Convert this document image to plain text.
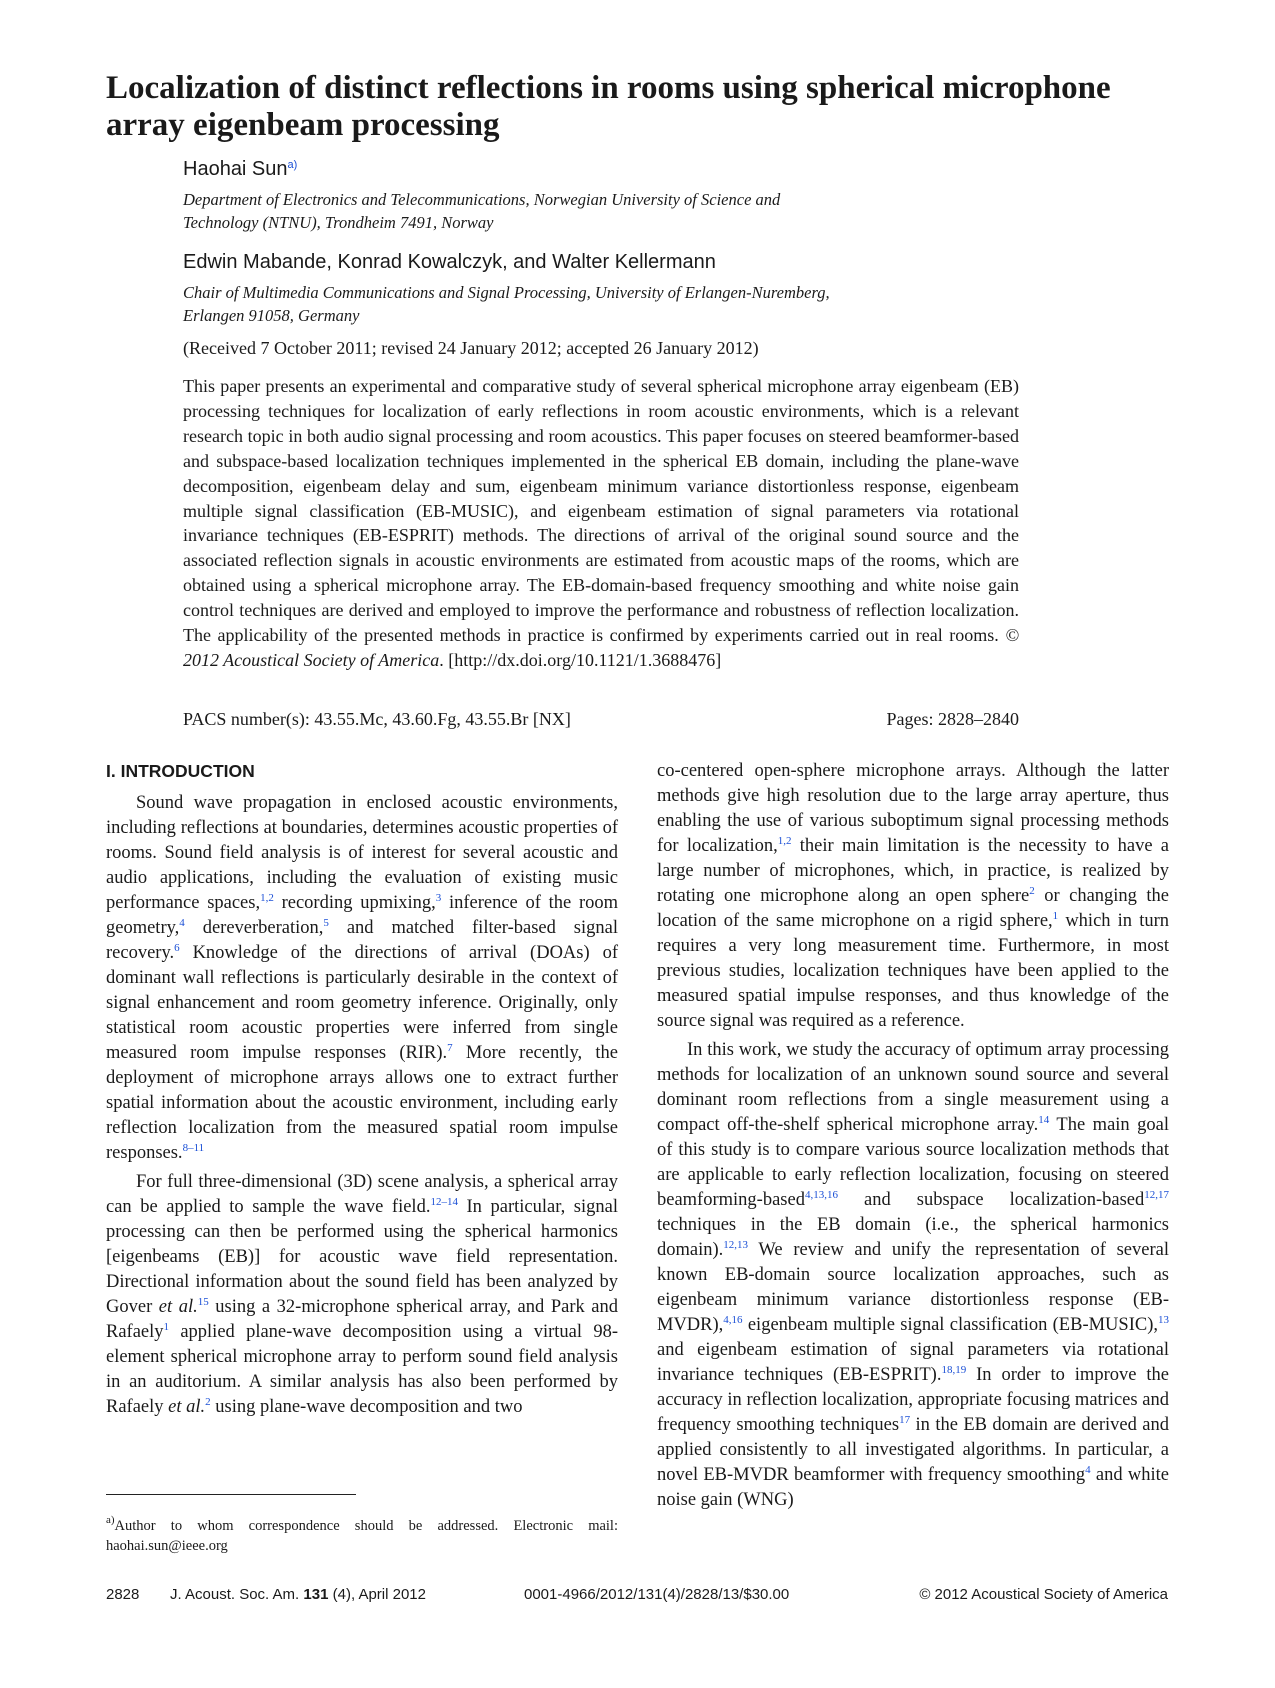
Localization of distinct reflections in rooms using spherical microphone array eigenbeam processing
Haohai Sun$^{a)}$
Department of Electronics and Telecommunications, Norwegian University of Science and
Technology (NTNU), Trondheim 7491, Norway
Edwin Mabande, Konrad Kowalczyk, and Walter Kellermann
Chair of Multimedia Communications and Signal Processing, University of Erlangen-Nuremberg,
Erlangen 91058, Germany
(Received 7 October 2011; revised 24 January 2012; accepted 26 January 2012)
This paper presents an experimental and comparative study of several spherical microphone array eigenbeam (EB) processing techniques for localization of early reflections in room acoustic environments, which is a relevant research topic in both audio signal processing and room acoustics. This paper focuses on steered beamformer-based and subspace-based localization techniques implemented in the spherical EB domain, including the plane-wave decomposition, eigenbeam delay and sum, eigenbeam minimum variance distortionless response, eigenbeam multiple signal classification (EB-MUSIC), and eigenbeam estimation of signal parameters via rotational invariance techniques (EB-ESPRIT) methods. The directions of arrival of the original sound source and the associated reflection signals in acoustic environments are estimated from acoustic maps of the rooms, which are obtained using a spherical microphone array. The EB-domain-based frequency smoothing and white noise gain control techniques are derived and employed to improve the performance and robustness of reflection localization. The applicability of the presented methods in practice is confirmed by experiments carried out in real rooms. © 2012 Acoustical Society of America. [http://dx.doi.org/10.1121/1.3688476]
PACS number(s): 43.55.Mc, 43.60.Fg, 43.55.Br [NX]	Pages: 2828–2840
I. INTRODUCTION

Sound wave propagation in enclosed acoustic environments, including reflections at boundaries, determines acoustic properties of rooms. Sound field analysis is of interest for several acoustic and audio applications, including the evaluation of existing music performance spaces,$^{1,2}$ recording upmixing,$^3$ inference of the room geometry,$^4$ dereverberation,$^5$ and matched filter-based signal recovery.$^6$ Knowledge of the directions of arrival (DOAs) of dominant wall reflections is particularly desirable in the context of signal enhancement and room geometry inference. Originally, only statistical room acoustic properties were inferred from single measured room impulse responses (RIR).$^7$ More recently, the deployment of microphone arrays allows one to extract further spatial information about the acoustic environment, including early reflection localization from the measured spatial room impulse responses.$^{8-11}$

For full three-dimensional (3D) scene analysis, a spherical array can be applied to sample the wave field.$^{12-14}$ In particular, signal processing can then be performed using the spherical harmonics [eigenbeams (EB)] for acoustic wave field representation. Directional information about the sound field has been analyzed by Gover et al.$^{15}$ using a 32-microphone spherical array, and Park and Rafaely$^1$ applied plane-wave decomposition using a virtual 98-element spherical microphone array to perform sound field analysis in an auditorium. A similar analysis has also been performed by Rafaely et al.$^2$ using plane-wave decomposition and two

co-centered open-sphere microphone arrays. Although the latter methods give high resolution due to the large array aperture, thus enabling the use of various suboptimum signal processing methods for localization,$^{1,2}$ their main limitation is the necessity to have a large number of microphones, which, in practice, is realized by rotating one microphone along an open sphere$^2$ or changing the location of the same microphone on a rigid sphere,$^1$ which in turn requires a very long measurement time. Furthermore, in most previous studies, localization techniques have been applied to the measured spatial impulse responses, and thus knowledge of the source signal was required as a reference.

In this work, we study the accuracy of optimum array processing methods for localization of an unknown sound source and several dominant room reflections from a single measurement using a compact off-the-shelf spherical microphone array.$^{14}$ The main goal of this study is to compare various source localization methods that are applicable to early reflection localization, focusing on steered beamforming-based$^{4,13,16}$ and subspace localization-based$^{12,17}$ techniques in the EB domain (i.e., the spherical harmonics domain).$^{12,13}$ We review and unify the representation of several known EB-domain source localization approaches, such as eigenbeam minimum variance distortionless response (EB-MVDR),$^{4,16}$ eigenbeam multiple signal classification (EB-MUSIC),$^{13}$ and eigenbeam estimation of signal parameters via rotational invariance techniques (EB-ESPRIT).$^{18,19}$ In order to improve the accuracy in reflection localization, appropriate focusing matrices and frequency smoothing techniques$^{17}$ in the EB domain are derived and applied consistently to all investigated algorithms. In particular, a novel EB-MVDR beamformer with frequency smoothing$^4$ and white noise gain (WNG)

$^{a)}$Author to whom correspondence should be addressed. Electronic mail: haohai.sun@ieee.org
2828 J. Acoust. Soc. Am. 131 (4), April 2012	0001-4966/2012/131(4)/2828/13/$30.00	© 2012 Acoustical Society of America
